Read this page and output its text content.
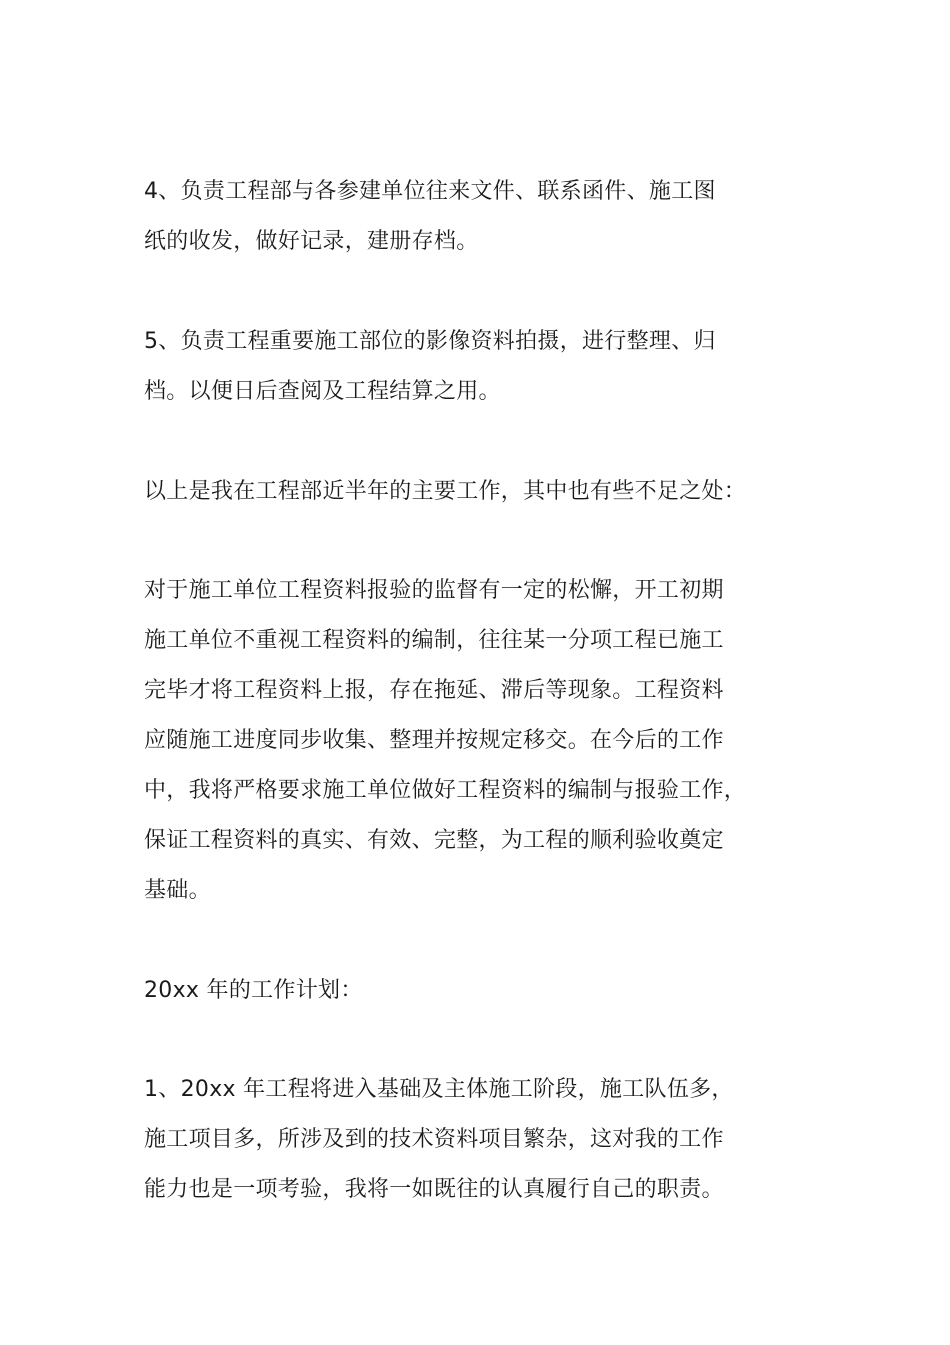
4、负责工程部与各参建单位往来文件、联系函件、施工图
纸的收发，做好记录，建册存档。
5、负责工程重要施工部位的影像资料拍摄，进行整理、归
档。以便日后查阅及工程结算之用。
以上是我在工程部近半年的主要工作，其中也有些不足之处：
对于施工单位工程资料报验的监督有一定的松懈，开工初期
施工单位不重视工程资料的编制，往往某一分项工程已施工
完毕才将工程资料上报，存在拖延、滞后等现象。工程资料
应随施工进度同步收集、整理并按规定移交。在今后的工作
中，我将严格要求施工单位做好工程资料的编制与报验工作，
保证工程资料的真实、有效、完整，为工程的顺利验收奠定
基础。
20xx 年的工作计划：
1、20xx 年工程将进入基础及主体施工阶段，施工队伍多，
施工项目多，所涉及到的技术资料项目繁杂，这对我的工作
能力也是一项考验，我将一如既往的认真履行自己的职责。
